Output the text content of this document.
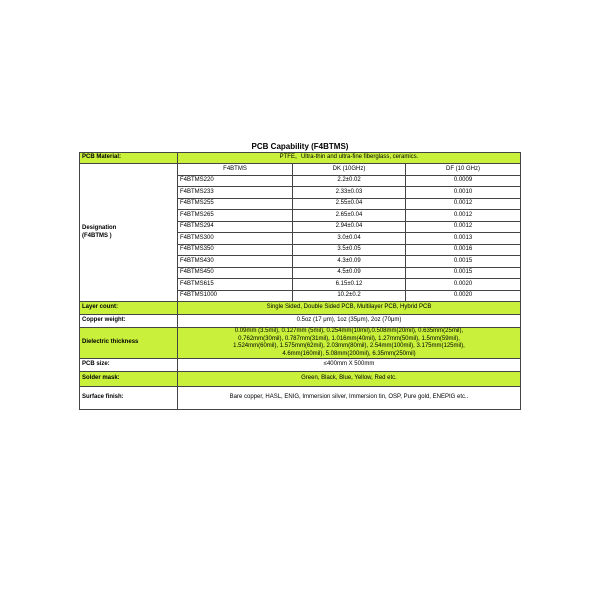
PCB Capability (F4BTMS)
PCB Material:	PTFE，Ultra-thin and ultra-fine fiberglass, ceramics.		

Designation
(F4BTMS )	F4BTMS	DK (10GHz)	DF (10 GHz)
	F4BTMS220	2.2±0.02	0.0009
	F4BTMS233	2.33±0.03	0.0010
	F4BTMS255	2.55±0.04	0.0012
	F4BTMS265	2.65±0.04	0.0012
	F4BTMS294	2.94±0.04	0.0012
	F4BTMS300	3.0±0.04	0.0013
	F4BTMS350	3.5±0.05	0.0016
	F4BTMS430	4.3±0.09	0.0015
	F4BTMS450	4.5±0.09	0.0015
	F4BTMS615	6.15±0.12	0.0020
	F4BTMS1000	10.2±0.2	0.0020
Layer count:	Single Sided, Double Sided PCB, Multilayer PCB, Hybrid PCB		
Copper weight:	0.5oz (17 μm), 1oz (35μm), 2oz (70μm)		
Dielectric thickness	0.09mm (3.5mil), 0.127mm (5mil), 0.254mm(10mil),0.508mm(20mil), 0.635mm(25mil),
0.762mm(30mil), 0.787mm(31mil), 1.016mm(40mil), 1.27mm(50mil), 1.5mm(59mil),
1.524mm(60mil), 1.575mm(62mil), 2.03mm(80mil), 2.54mm(100mil), 3.175mm(125mil),
4.6mm(160mil), 5.08mm(200mil), 6.35mm(250mil)		

PCB size:	≤400mm X 500mm		
Solder mask:	Green, Black, Blue, Yellow, Red etc.		
Surface finish:	Bare copper, HASL, ENIG, Immersion silver, Immersion tin, OSP, Pure gold, ENEPIG etc..		
